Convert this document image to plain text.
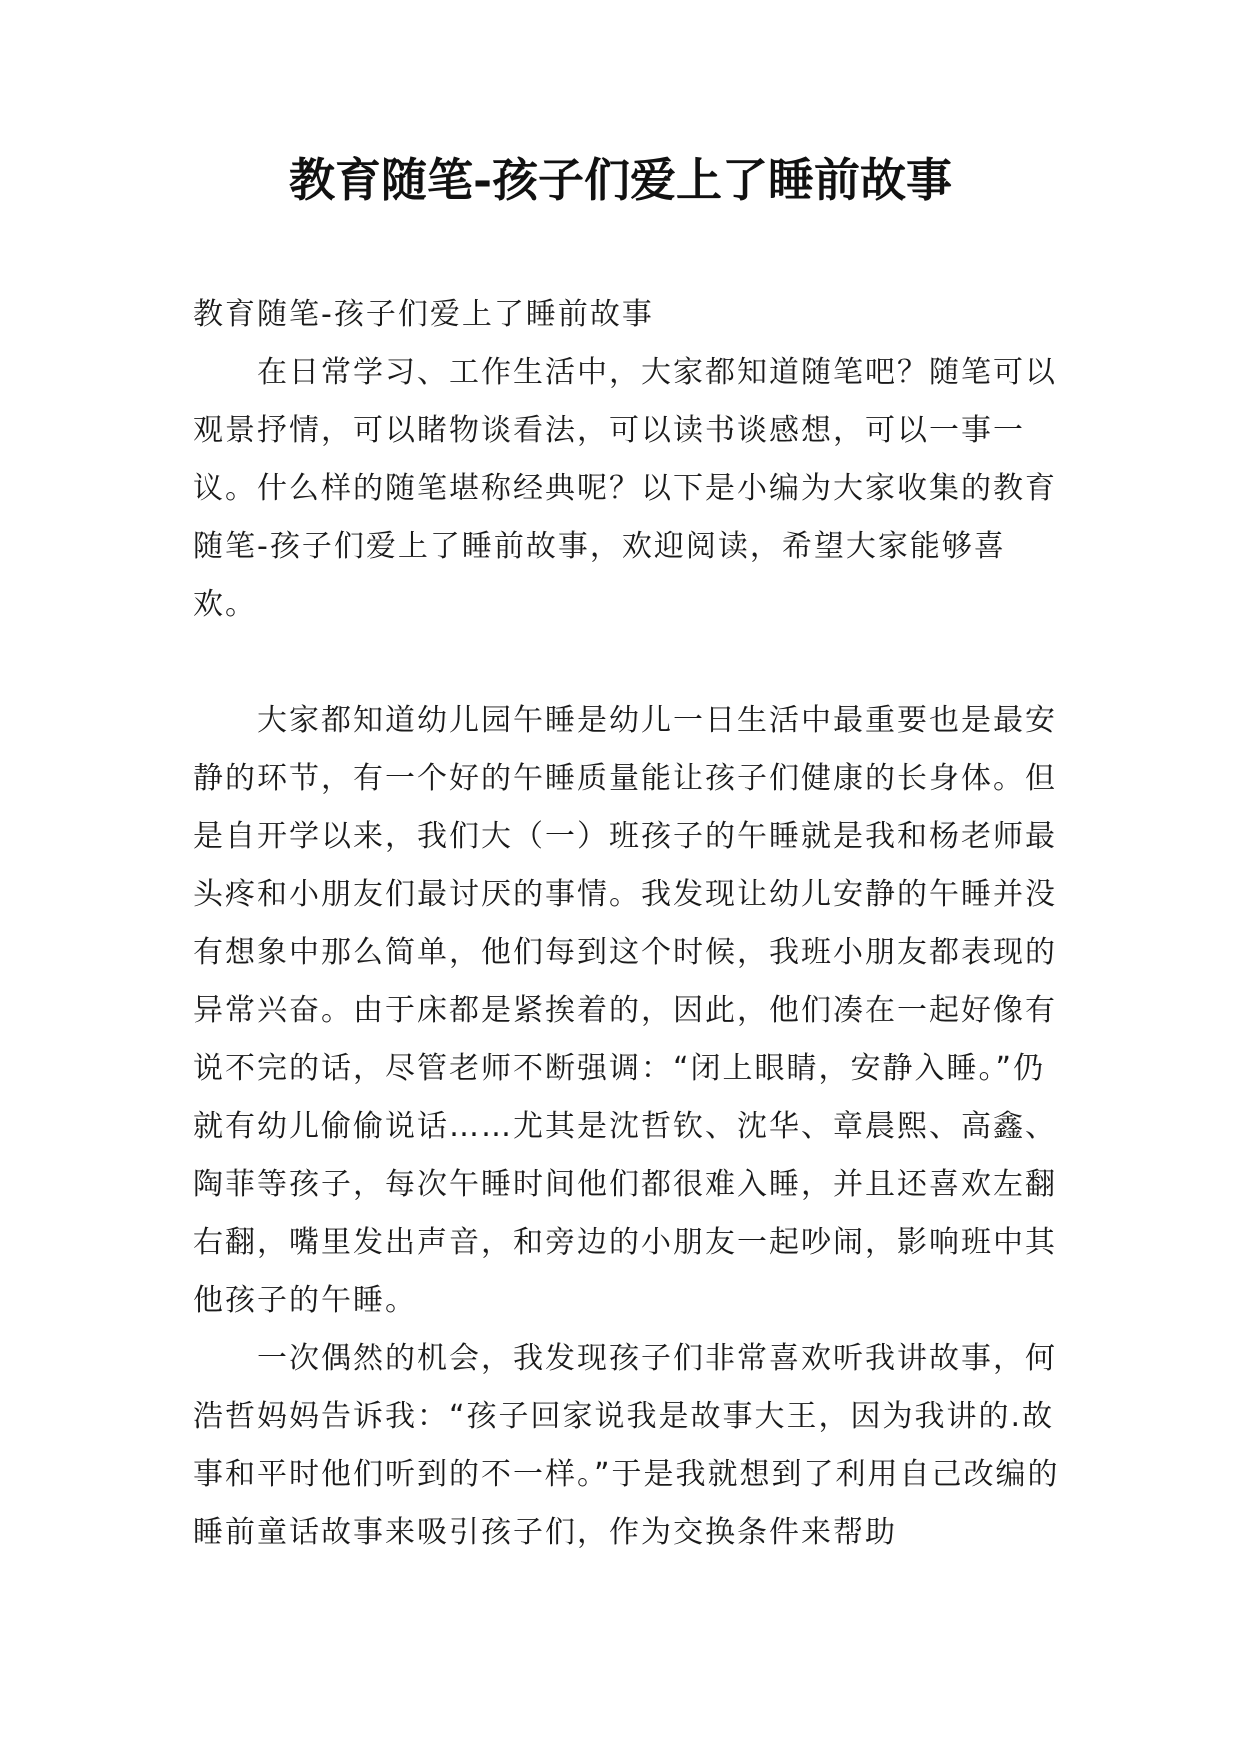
教育随笔-孩子们爱上了睡前故事

教育随笔-孩子们爱上了睡前故事

在日常学习、工作生活中，大家都知道随笔吧？随笔可以观景抒情，可以睹物谈看法，可以读书谈感想，可以一事一议。什么样的随笔堪称经典呢？以下是小编为大家收集的教育随笔-孩子们爱上了睡前故事，欢迎阅读，希望大家能够喜欢。

大家都知道幼儿园午睡是幼儿一日生活中最重要也是最安静的环节，有一个好的午睡质量能让孩子们健康的长身体。但是自开学以来，我们大（一）班孩子的午睡就是我和杨老师最头疼和小朋友们最讨厌的事情。我发现让幼儿安静的午睡并没有想象中那么简单，他们每到这个时候，我班小朋友都表现的异常兴奋。由于床都是紧挨着的，因此，他们凑在一起好像有说不完的话，尽管老师不断强调：“闭上眼睛，安静入睡。”仍就有幼儿偷偷说话……尤其是沈哲钦、沈华、章晨熙、高鑫、陶菲等孩子，每次午睡时间他们都很难入睡，并且还喜欢左翻右翻，嘴里发出声音，和旁边的小朋友一起吵闹，影响班中其他孩子的午睡。

一次偶然的机会，我发现孩子们非常喜欢听我讲故事，何浩哲妈妈告诉我：“孩子回家说我是故事大王，因为我讲的.故事和平时他们听到的不一样。”于是我就想到了利用自己改编的睡前童话故事来吸引孩子们，作为交换条件来帮助
